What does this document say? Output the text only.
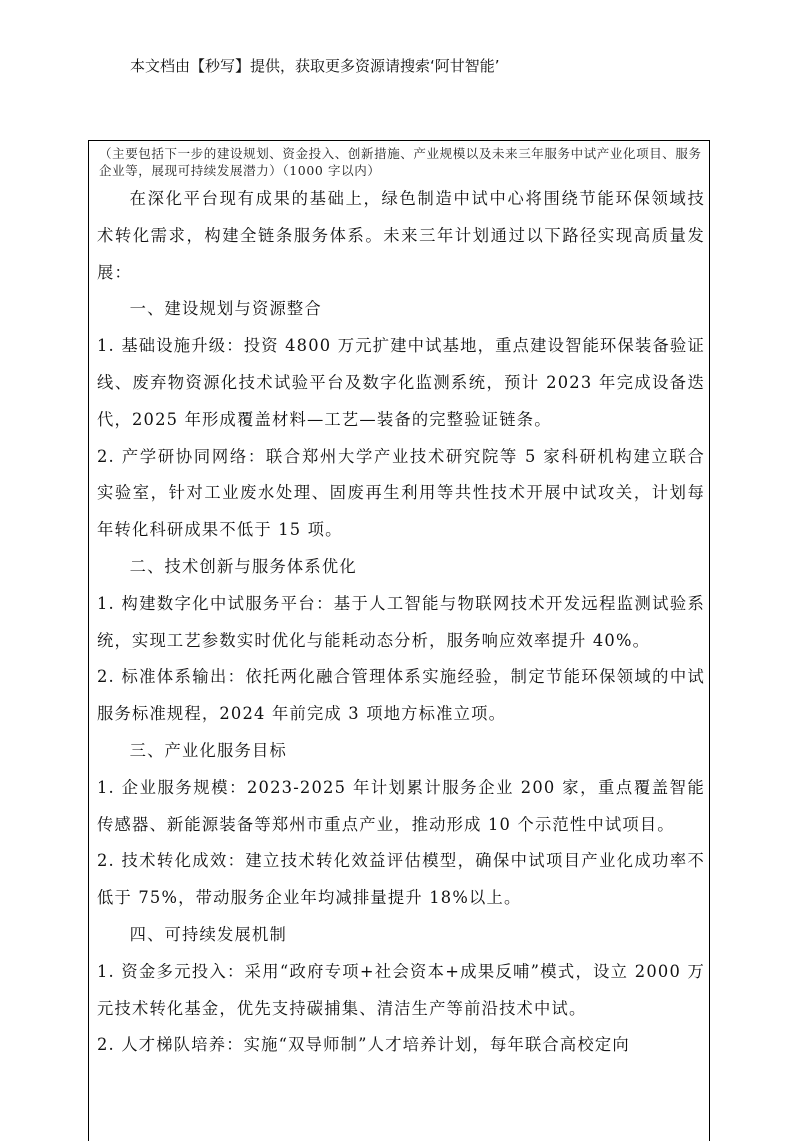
本文档由【秒写】提供，获取更多资源请搜索‘阿甘智能’
（主要包括下一步的建设规划、资金投入、创新措施、产业规模以及未来三年服务中试产业化项目、服务企业等，展现可持续发展潜力）（1000 字以内）

在深化平台现有成果的基础上，绿色制造中试中心将围绕节能环保领域技术转化需求，构建全链条服务体系。未来三年计划通过以下路径实现高质量发展：

一、建设规划与资源整合

1. 基础设施升级：投资 4800 万元扩建中试基地，重点建设智能环保装备验证线、废弃物资源化技术试验平台及数字化监测系统，预计 2023 年完成设备迭代，2025 年形成覆盖材料—工艺—装备的完整验证链条。

2. 产学研协同网络：联合郑州大学产业技术研究院等 5 家科研机构建立联合实验室，针对工业废水处理、固废再生利用等共性技术开展中试攻关，计划每年转化科研成果不低于 15 项。

二、技术创新与服务体系优化

1. 构建数字化中试服务平台：基于人工智能与物联网技术开发远程监测试验系统，实现工艺参数实时优化与能耗动态分析，服务响应效率提升 40%。

2. 标准体系输出：依托两化融合管理体系实施经验，制定节能环保领域的中试服务标准规程，2024 年前完成 3 项地方标准立项。

三、产业化服务目标

1. 企业服务规模：2023-2025 年计划累计服务企业 200 家，重点覆盖智能传感器、新能源装备等郑州市重点产业，推动形成 10 个示范性中试项目。

2. 技术转化成效：建立技术转化效益评估模型，确保中试项目产业化成功率不低于 75%，带动服务企业年均减排量提升 18%以上。

四、可持续发展机制

1. 资金多元投入：采用“政府专项+社会资本+成果反哺”模式，设立 2000 万元技术转化基金，优先支持碳捕集、清洁生产等前沿技术中试。

2. 人才梯队培养：实施“双导师制”人才培养计划，每年联合高校定向
